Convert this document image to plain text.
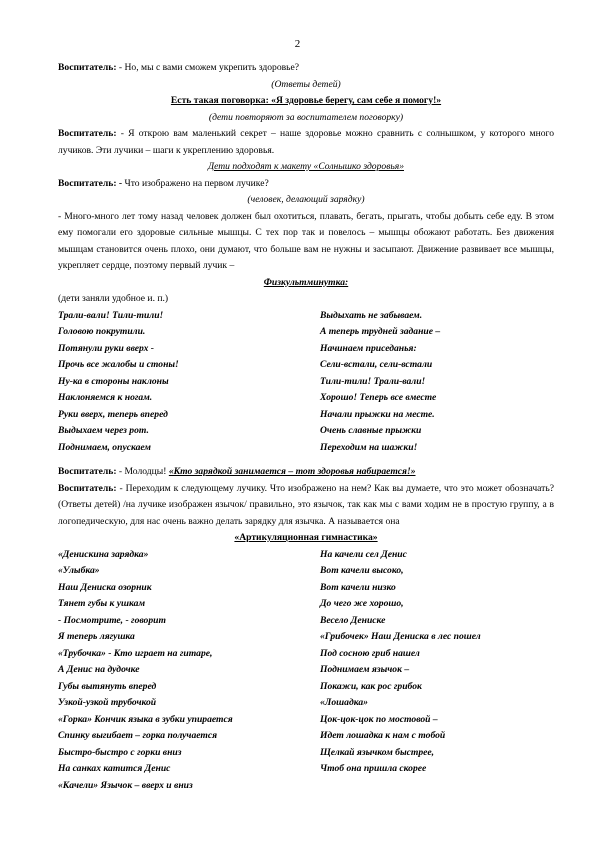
2

Воспитатель: - Но, мы с вами сможем укрепить здоровье?

(Ответы детей)

Есть такая поговорка: «Я здоровье берегу, сам себе я помогу!»

(дети повторяют за воспитателем поговорку)

Воспитатель: - Я открою вам маленький секрет – наше здоровье можно сравнить с солнышком, у которого много лучиков. Эти лучики – шаги к укреплению здоровья.

Дети подходят к макету «Солнышко здоровья»

Воспитатель: - Что изображено на первом лучике?

(человек, делающий зарядку)

- Много-много лет тому назад человек должен был охотиться, плавать, бегать, прыгать, чтобы добыть себе еду. В этом ему помогали его здоровые сильные мышцы. С тех пор так и повелось – мышцы обожают работать. Без движения мышцам становится очень плохо, они думают, что больше вам не нужны и засыпают. Движение развивает все мышцы, укрепляет сердце, поэтому первый лучик –

Физкультминутка:

(дети заняли удобное и. п.)

Трали-вали! Тили-тили!
Головою покрутили.
Потянули руки вверх -
Прочь все жалобы и стоны!
Ну-ка в стороны наклоны
Наклоняемся к ногам.
Руки вверх, теперь вперед
Выдыхаем через рот.
Поднимаем, опускаем
Выдыхать не забываем.
А теперь трудней задание –
Начинаем приседанья:
Сели-встали, сели-встали
Тили-тили! Трали-вали!
Хорошо! Теперь все вместе
Начали прыжки на месте.
Очень славные прыжки
Переходим на шажки!

Воспитатель: - Молодцы! «Кто зарядкой занимается – тот здоровья набирается!»

Воспитатель: - Переходим к следующему лучику. Что изображено на нем? Как вы думаете, что это может обозначать? (Ответы детей) /на лучике изображен язычок/ правильно, это язычок, так как мы с вами ходим не в простую группу, а в логопедическую, для нас очень важно делать зарядку для язычка. А называется она

«Артикуляционная гимнастика»

«Денискина зарядка»
«Улыбка»
Наш Дениска озорник
Тянет губы к ушкам
- Посмотрите, - говорит
Я теперь лягушка
«Трубочка» - Кто играет на гитаре,
А Денис на дудочке
Губы вытянуть вперед
Узкой-узкой трубочкой
«Горка» Кончик языка в зубки упирается
Спинку выгибает – горка получается
Быстро-быстро с горки вниз
На санках катится Денис
«Качели» Язычок – вверх и вниз
На качели сел Денис
Вот качели высоко,
Вот качели низко
До чего же хорошо,
Весело Дениске
«Грибочек» Наш Дениска в лес пошел
Под сосною гриб нашел
Поднимаем язычок –
Покажи, как рос грибок
«Лошадка»
Цок-цок-цок по мостовой –
Идет лошадка к нам с тобой
Щелкай язычком быстрее,
Чтоб она пришла скорее
